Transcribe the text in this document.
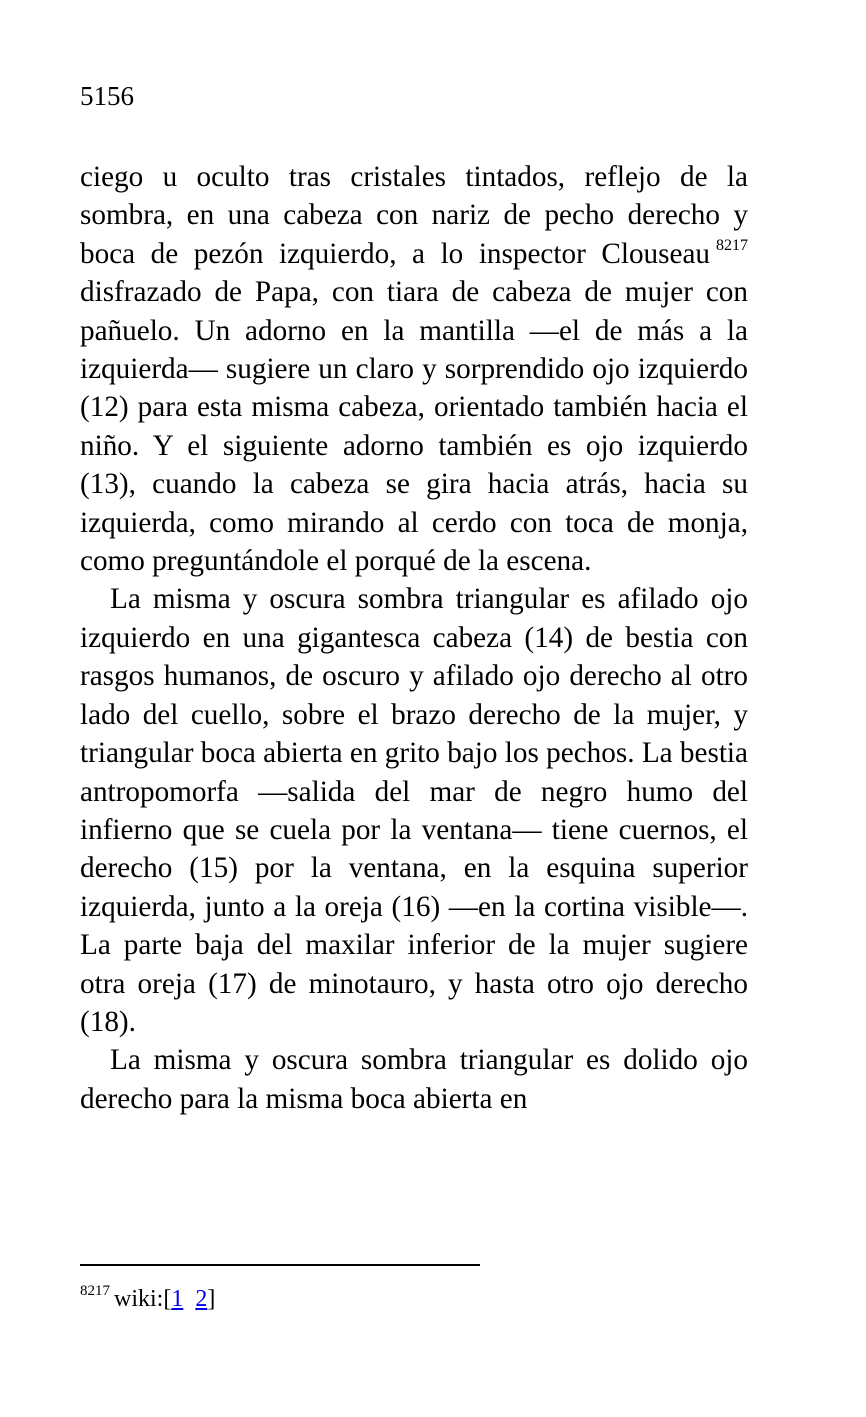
5156

ciego u oculto tras cristales tintados, reflejo de la sombra, en una cabeza con nariz de pecho derecho y boca de pezón izquierdo, a lo inspector Clouseau $^{8217}$ disfrazado de Papa, con tiara de cabeza de mujer con pañuelo. Un adorno en la mantilla —el de más a la izquierda— sugiere un claro y sorprendido ojo izquierdo (12) para esta misma cabeza, orientado también hacia el niño. Y el siguiente adorno también es ojo izquierdo (13), cuando la cabeza se gira hacia atrás, hacia su izquierda, como mirando al cerdo con toca de monja, como preguntándole el porqué de la escena.

La misma y oscura sombra triangular es afilado ojo izquierdo en una gigantesca cabeza (14) de bestia con rasgos humanos, de oscuro y afilado ojo derecho al otro lado del cuello, sobre el brazo derecho de la mujer, y triangular boca abierta en grito bajo los pechos. La bestia antropomorfa —salida del mar de negro humo del infierno que se cuela por la ventana— tiene cuernos, el derecho (15) por la ventana, en la esquina superior izquierda, junto a la oreja (16) —en la cortina visible—. La parte baja del maxilar inferior de la mujer sugiere otra oreja (17) de minotauro, y hasta otro ojo derecho (18).

La misma y oscura sombra triangular es dolido ojo derecho para la misma boca abierta en

$^{8217}$ wiki:[1 2]
